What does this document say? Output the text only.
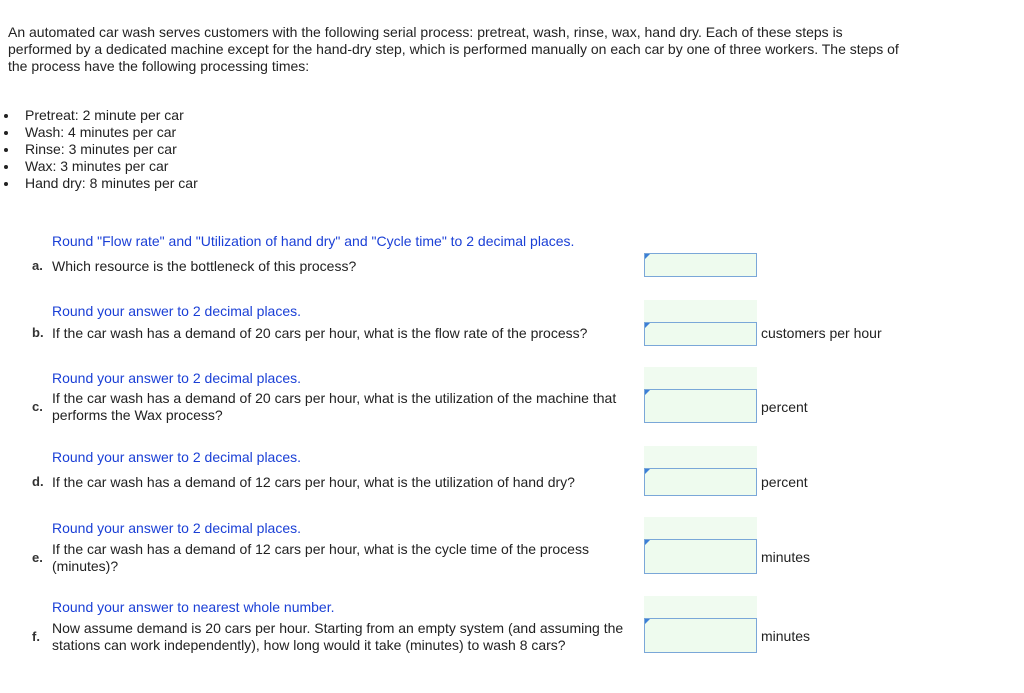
An automated car wash serves customers with the following serial process: pretreat, wash, rinse, wax, hand dry. Each of these steps is performed by a dedicated machine except for the hand-dry step, which is performed manually on each car by one of three workers. The steps of the process have the following processing times:
Pretreat: 2 minute per car
Wash: 4 minutes per car
Rinse: 3 minutes per car
Wax: 3 minutes per car
Hand dry: 8 minutes per car
Round "Flow rate" and "Utilization of hand dry" and "Cycle time" to 2 decimal places.
a. Which resource is the bottleneck of this process?
Round your answer to 2 decimal places.
b. If the car wash has a demand of 20 cars per hour, what is the flow rate of the process?	customers per hour
Round your answer to 2 decimal places.
c.
If the car wash has a demand of 20 cars per hour, what is the utilization of the machine that performs the Wax process?	percent
Round your answer to 2 decimal places.
d. If the car wash has a demand of 12 cars per hour, what is the utilization of hand dry?	percent
Round your answer to 2 decimal places.
e.
If the car wash has a demand of 12 cars per hour, what is the cycle time of the process (minutes)?
minutes
Round your answer to nearest whole number.
f.
Now assume demand is 20 cars per hour. Starting from an empty system (and assuming the stations can work independently), how long would it take (minutes) to wash 8 cars?
minutes
